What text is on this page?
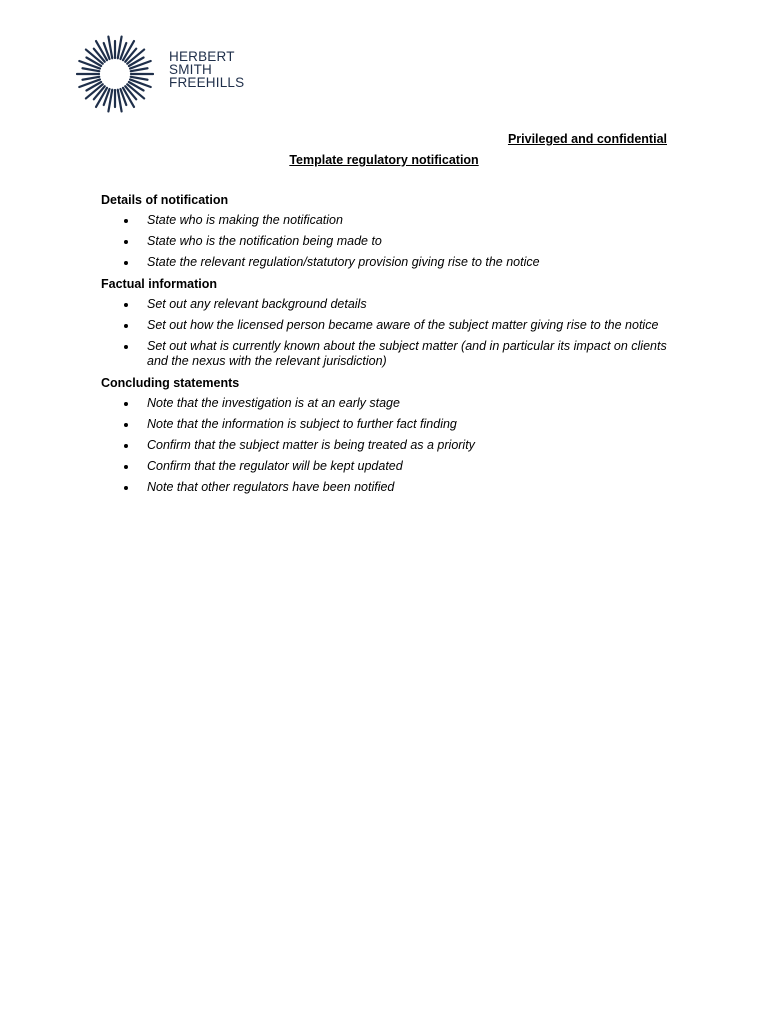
HERBERT
SMITH
FREEHILLS
Privileged and confidential
Template regulatory notification
Details of notification
State who is making the notification
State who is the notification being made to
State the relevant regulation/statutory provision giving rise to the notice
Factual information
Set out any relevant background details
Set out how the licensed person became aware of the subject matter giving rise to the notice
Set out what is currently known about the subject matter (and in particular its impact on clients and the nexus with the relevant jurisdiction)
Concluding statements
Note that the investigation is at an early stage
Note that the information is subject to further fact finding
Confirm that the subject matter is being treated as a priority
Confirm that the regulator will be kept updated
Note that other regulators have been notified
